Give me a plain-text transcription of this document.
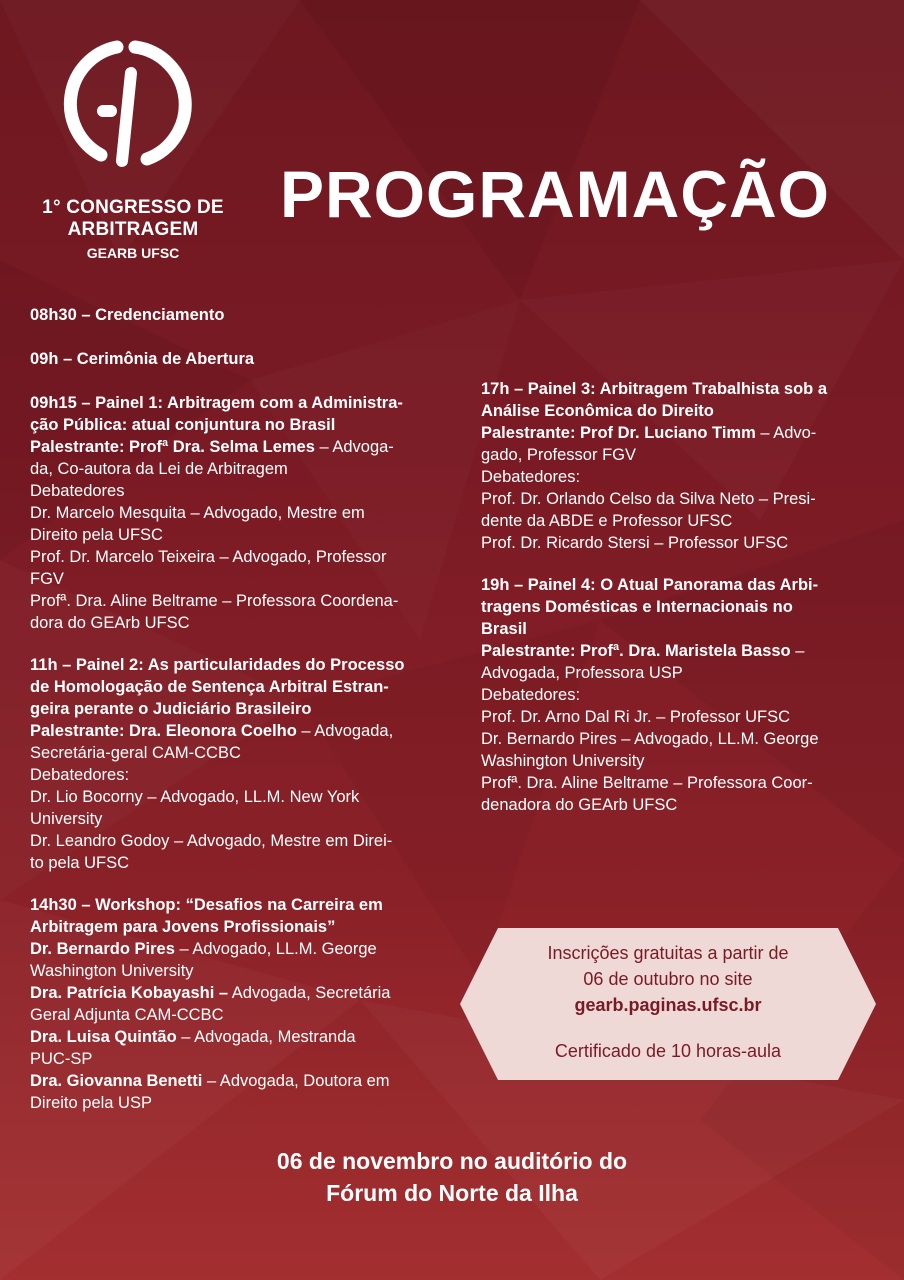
1° CONGRESSO DE ARBITRAGEM
GEARB UFSC
PROGRAMAÇÃO
08h30 – Credenciamento
09h – Cerimônia de Abertura
09h15 – Painel 1: Arbitragem com a Administra-
ção Pública: atual conjuntura no Brasil
Palestrante: Profª Dra. Selma Lemes – Advoga-
da, Co-autora da Lei de Arbitragem
Debatedores
Dr. Marcelo Mesquita – Advogado, Mestre em
Direito pela UFSC
Prof. Dr. Marcelo Teixeira – Advogado, Professor
FGV
Profª. Dra. Aline Beltrame – Professora Coordena-
dora do GEArb UFSC
11h – Painel 2: As particularidades do Processo
de Homologação de Sentença Arbitral Estran-
geira perante o Judiciário Brasileiro
Palestrante: Dra. Eleonora Coelho – Advogada,
Secretária-geral CAM-CCBC
Debatedores:
Dr. Lio Bocorny – Advogado, LL.M. New York
University
Dr. Leandro Godoy – Advogado, Mestre em Direi-
to pela UFSC
14h30 – Workshop: “Desafios na Carreira em
Arbitragem para Jovens Profissionais”
Dr. Bernardo Pires – Advogado, LL.M. George
Washington University
Dra. Patrícia Kobayashi – Advogada, Secretária
Geral Adjunta CAM-CCBC
Dra. Luisa Quintão – Advogada, Mestranda
PUC-SP
Dra. Giovanna Benetti – Advogada, Doutora em
Direito pela USP
17h – Painel 3: Arbitragem Trabalhista sob a
Análise Econômica do Direito
Palestrante: Prof Dr. Luciano Timm – Advo-
gado, Professor FGV
Debatedores:
Prof. Dr. Orlando Celso da Silva Neto – Presi-
dente da ABDE e Professor UFSC
Prof. Dr. Ricardo Stersi – Professor UFSC
19h – Painel 4: O Atual Panorama das Arbi-
tragens Domésticas e Internacionais no
Brasil
Palestrante: Profª. Dra. Maristela Basso –
Advogada, Professora USP
Debatedores:
Prof. Dr. Arno Dal Ri Jr. – Professor UFSC
Dr. Bernardo Pires – Advogado, LL.M. George
Washington University
Profª. Dra. Aline Beltrame – Professora Coor-
denadora do GEArb UFSC
Inscrições gratuitas a partir de
06 de outubro no site
gearb.paginas.ufsc.br
Certificado de 10 horas-aula
06 de novembro no auditório do
Fórum do Norte da Ilha
